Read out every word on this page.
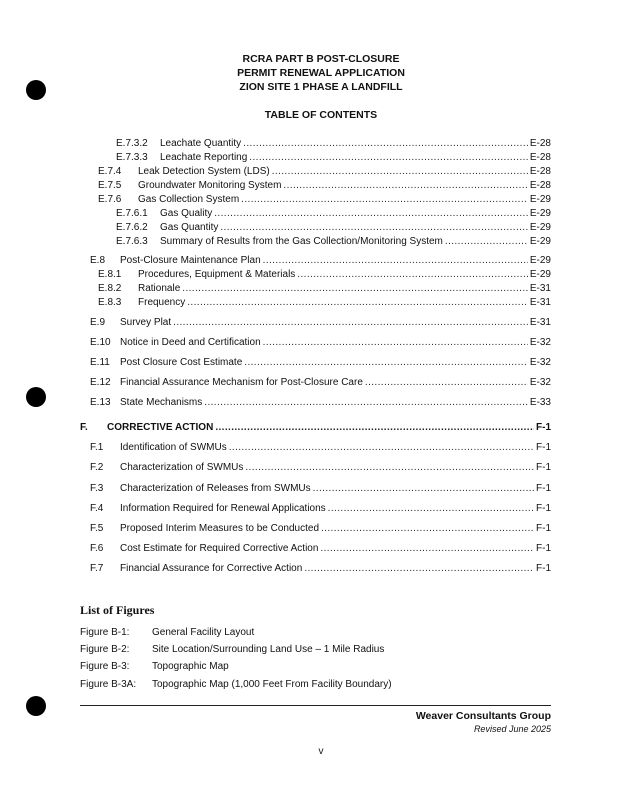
RCRA PART B POST-CLOSURE
PERMIT RENEWAL APPLICATION
ZION SITE 1 PHASE A LANDFILL
TABLE OF CONTENTS
E.7.3.2	Leachate Quantity .....	E-28
E.7.3.3	Leachate Reporting .....	E-28
E.7.4	Leak Detection System (LDS) .....	E-28
E.7.5	Groundwater Monitoring System .....	E-28
E.7.6	Gas Collection System .....	E-29
E.7.6.1	Gas Quality .....	E-29
E.7.6.2	Gas Quantity .....	E-29
E.7.6.3	Summary of Results from the Gas Collection/Monitoring System .....	E-29
E.8	Post-Closure Maintenance Plan .....	E-29
E.8.1	Procedures, Equipment & Materials .....	E-29
E.8.2	Rationale .....	E-31
E.8.3	Frequency .....	E-31
E.9	Survey Plat .....	E-31
E.10 Notice in Deed and Certification .....	E-32
E.11	Post Closure Cost Estimate .....	E-32
E.12 Financial Assurance Mechanism for Post-Closure Care .....	E-32
E.13 State Mechanisms .....	E-33
F.	CORRECTIVE ACTION .....	F-1
F.1	Identification of SWMUs .....	F-1
F.2	Characterization of SWMUs .....	F-1
F.3	Characterization of Releases from SWMUs .....	F-1
F.4	Information Required for Renewal Applications .....	F-1
F.5	Proposed Interim Measures to be Conducted .....	F-1
F.6	Cost Estimate for Required Corrective Action .....	F-1
F.7	Financial Assurance for Corrective Action .....	F-1
List of Figures
Figure B-1: General Facility Layout
Figure B-2: Site Location/Surrounding Land Use – 1 Mile Radius
Figure B-3: Topographic Map
Figure B-3A: Topographic Map (1,000 Feet From Facility Boundary)
Weaver Consultants Group
Revised June 2025
v
